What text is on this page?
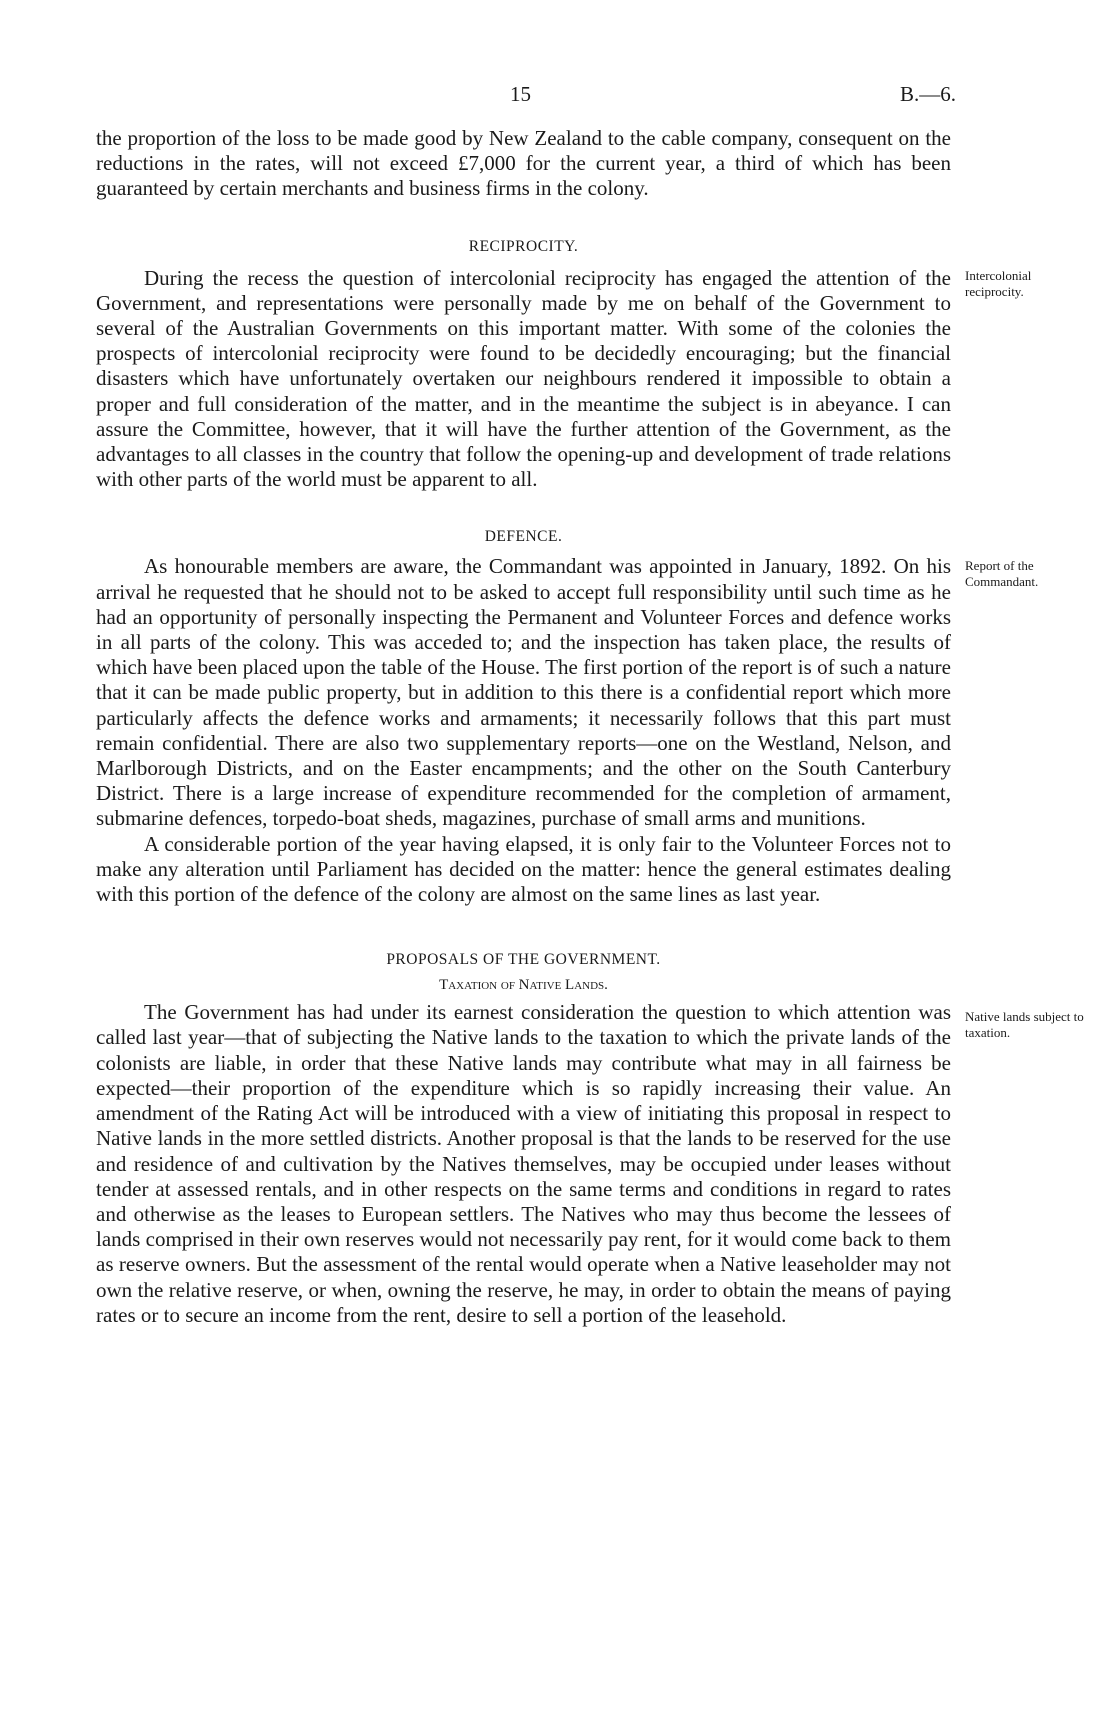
15	B.—6.

the proportion of the loss to be made good by New Zealand to the cable company, consequent on the reductions in the rates, will not exceed £7,000 for the current year, a third of which has been guaranteed by certain merchants and business firms in the colony.

RECIPROCITY.
Intercolonial reciprocity.

During the recess the question of intercolonial reciprocity has engaged the attention of the Government, and representations were personally made by me on behalf of the Government to several of the Australian Governments on this important matter. With some of the colonies the prospects of intercolonial reciprocity were found to be decidedly encouraging; but the financial disasters which have unfortunately overtaken our neighbours rendered it impossible to obtain a proper and full consideration of the matter, and in the meantime the subject is in abeyance. I can assure the Committee, however, that it will have the further attention of the Government, as the advantages to all classes in the country that follow the opening-up and development of trade relations with other parts of the world must be apparent to all.

DEFENCE.
Report of the Commandant.

As honourable members are aware, the Commandant was appointed in January, 1892. On his arrival he requested that he should not to be asked to accept full responsibility until such time as he had an opportunity of personally inspecting the Permanent and Volunteer Forces and defence works in all parts of the colony. This was acceded to; and the inspection has taken place, the results of which have been placed upon the table of the House. The first portion of the report is of such a nature that it can be made public property, but in addition to this there is a confidential report which more particularly affects the defence works and armaments; it necessarily follows that this part must remain confidential. There are also two supplementary reports—one on the Westland, Nelson, and Marlborough Districts, and on the Easter encampments; and the other on the South Canterbury District. There is a large increase of expenditure recommended for the completion of armament, submarine defences, torpedo-boat sheds, magazines, purchase of small arms and munitions.

A considerable portion of the year having elapsed, it is only fair to the Volunteer Forces not to make any alteration until Parliament has decided on the matter: hence the general estimates dealing with this portion of the defence of the colony are almost on the same lines as last year.

PROPOSALS OF THE GOVERNMENT.
Taxation of Native Lands.
Native lands subject to taxation.

The Government has had under its earnest consideration the question to which attention was called last year—that of subjecting the Native lands to the taxation to which the private lands of the colonists are liable, in order that these Native lands may contribute what may in all fairness be expected—their proportion of the expenditure which is so rapidly increasing their value. An amendment of the Rating Act will be introduced with a view of initiating this proposal in respect to Native lands in the more settled districts. Another proposal is that the lands to be reserved for the use and residence of and cultivation by the Natives themselves, may be occupied under leases without tender at assessed rentals, and in other respects on the same terms and conditions in regard to rates and otherwise as the leases to European settlers. The Natives who may thus become the lessees of lands comprised in their own reserves would not necessarily pay rent, for it would come back to them as reserve owners. But the assessment of the rental would operate when a Native leaseholder may not own the relative reserve, or when, owning the reserve, he may, in order to obtain the means of paying rates or to secure an income from the rent, desire to sell a portion of the leasehold.
